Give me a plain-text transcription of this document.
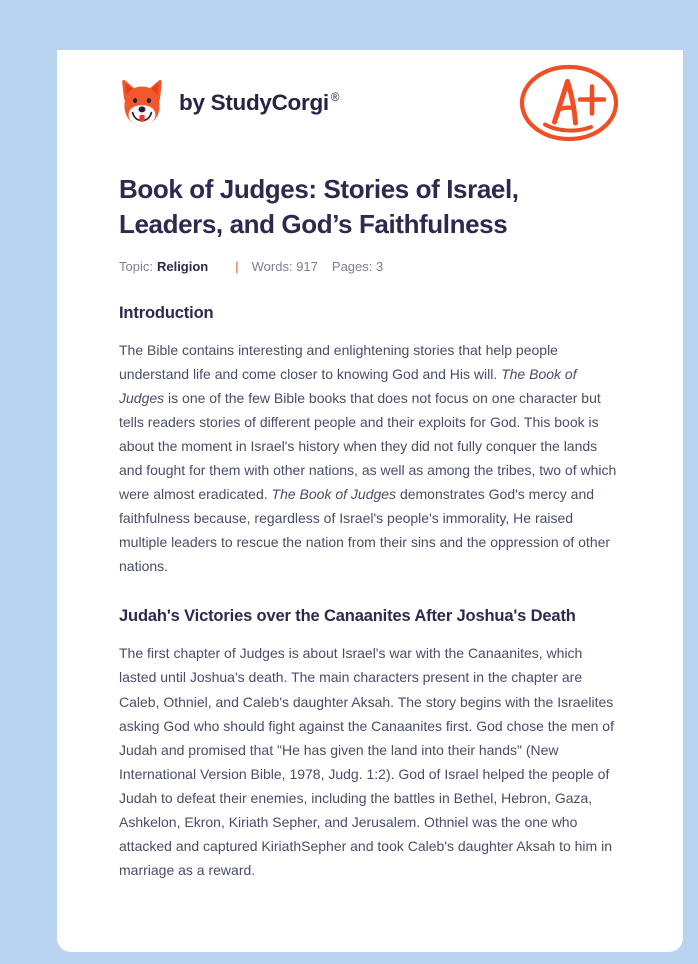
by StudyCorgi ®
Book of Judges: Stories of Israel, Leaders, and God’s Faithfulness
Topic: Religion | Words: 917 Pages: 3
Introduction

The Bible contains interesting and enlightening stories that help people understand life and come closer to knowing God and His will. The Book of Judges is one of the few Bible books that does not focus on one character but tells readers stories of different people and their exploits for God. This book is about the moment in Israel's history when they did not fully conquer the lands and fought for them with other nations, as well as among the tribes, two of which were almost eradicated. The Book of Judges demonstrates God's mercy and faithfulness because, regardless of Israel's people's immorality, He raised multiple leaders to rescue the nation from their sins and the oppression of other nations.

Judah's Victories over the Canaanites After Joshua's Death

The first chapter of Judges is about Israel's war with the Canaanites, which lasted until Joshua's death. The main characters present in the chapter are Caleb, Othniel, and Caleb's daughter Aksah. The story begins with the Israelites asking God who should fight against the Canaanites first. God chose the men of Judah and promised that "He has given the land into their hands" (New International Version Bible, 1978, Judg. 1:2). God of Israel helped the people of Judah to defeat their enemies, including the battles in Bethel, Hebron, Gaza, Ashkelon, Ekron, Kiriath Sepher, and Jerusalem. Othniel was the one who attacked and captured KiriathSepher and took Caleb's daughter Aksah to him in marriage as a reward.
